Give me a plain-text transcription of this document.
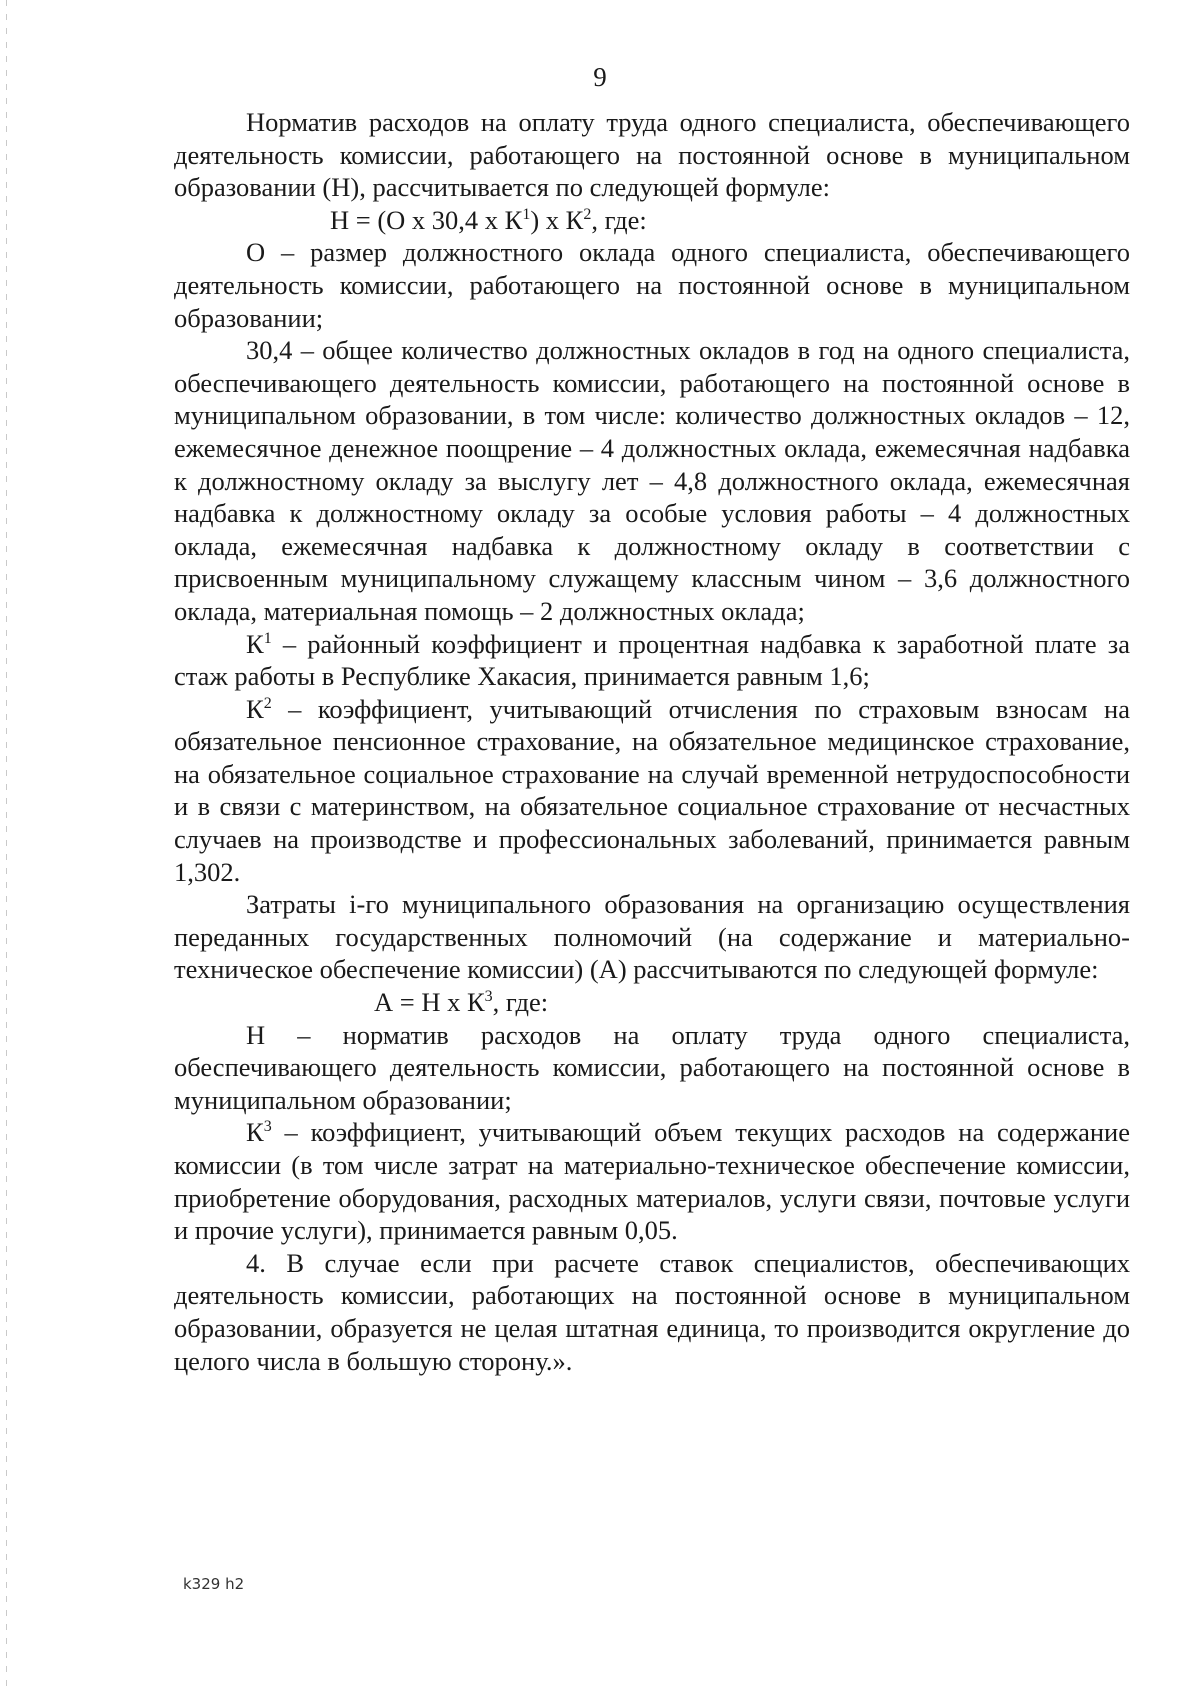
9

Норматив расходов на оплату труда одного специалиста, обеспечивающего деятельность комиссии, работающего на постоянной основе в муниципальном образовании (Н), рассчитывается по следующей формуле:

Н = (О х 30,4 х $К^1$) х $К^2$, где:

О – размер должностного оклада одного специалиста, обеспечивающего деятельность комиссии, работающего на постоянной основе в муниципальном образовании;

30,4 – общее количество должностных окладов в год на одного специалиста, обеспечивающего деятельность комиссии, работающего на постоянной основе в муниципальном образовании, в том числе: количество должностных окладов – 12, ежемесячное денежное поощрение – 4 должностных оклада, ежемесячная надбавка к должностному окладу за выслугу лет – 4,8 должностного оклада, ежемесячная надбавка к должностному окладу за особые условия работы – 4 должностных оклада, ежемесячная надбавка к должностному окладу в соответствии с присвоенным муниципальному служащему классным чином – 3,6 должностного оклада, материальная помощь – 2 должностных оклада;

$К^1$ – районный коэффициент и процентная надбавка к заработной плате за стаж работы в Республике Хакасия, принимается равным 1,6;

$К^2$ – коэффициент, учитывающий отчисления по страховым взносам на обязательное пенсионное страхование, на обязательное медицинское страхование, на обязательное социальное страхование на случай временной нетрудоспособности и в связи с материнством, на обязательное социальное страхование от несчастных случаев на производстве и профессиональных заболеваний, принимается равным 1,302.

Затраты i-го муниципального образования на организацию осуществления переданных государственных полномочий (на содержание и материально-техническое обеспечение комиссии) (А) рассчитываются по следующей формуле:

А = Н х $К^3$, где:

Н – норматив расходов на оплату труда одного специалиста, обеспечивающего деятельность комиссии, работающего на постоянной основе в муниципальном образовании;

$К^3$ – коэффициент, учитывающий объем текущих расходов на содержание комиссии (в том числе затрат на материально-техническое обеспечение комиссии, приобретение оборудования, расходных материалов, услуги связи, почтовые услуги и прочие услуги), принимается равным 0,05.

4. В случае если при расчете ставок специалистов, обеспечивающих деятельность комиссии, работающих на постоянной основе в муниципальном образовании, образуется не целая штатная единица, то производится округление до целого числа в большую сторону.».

k329 h2
